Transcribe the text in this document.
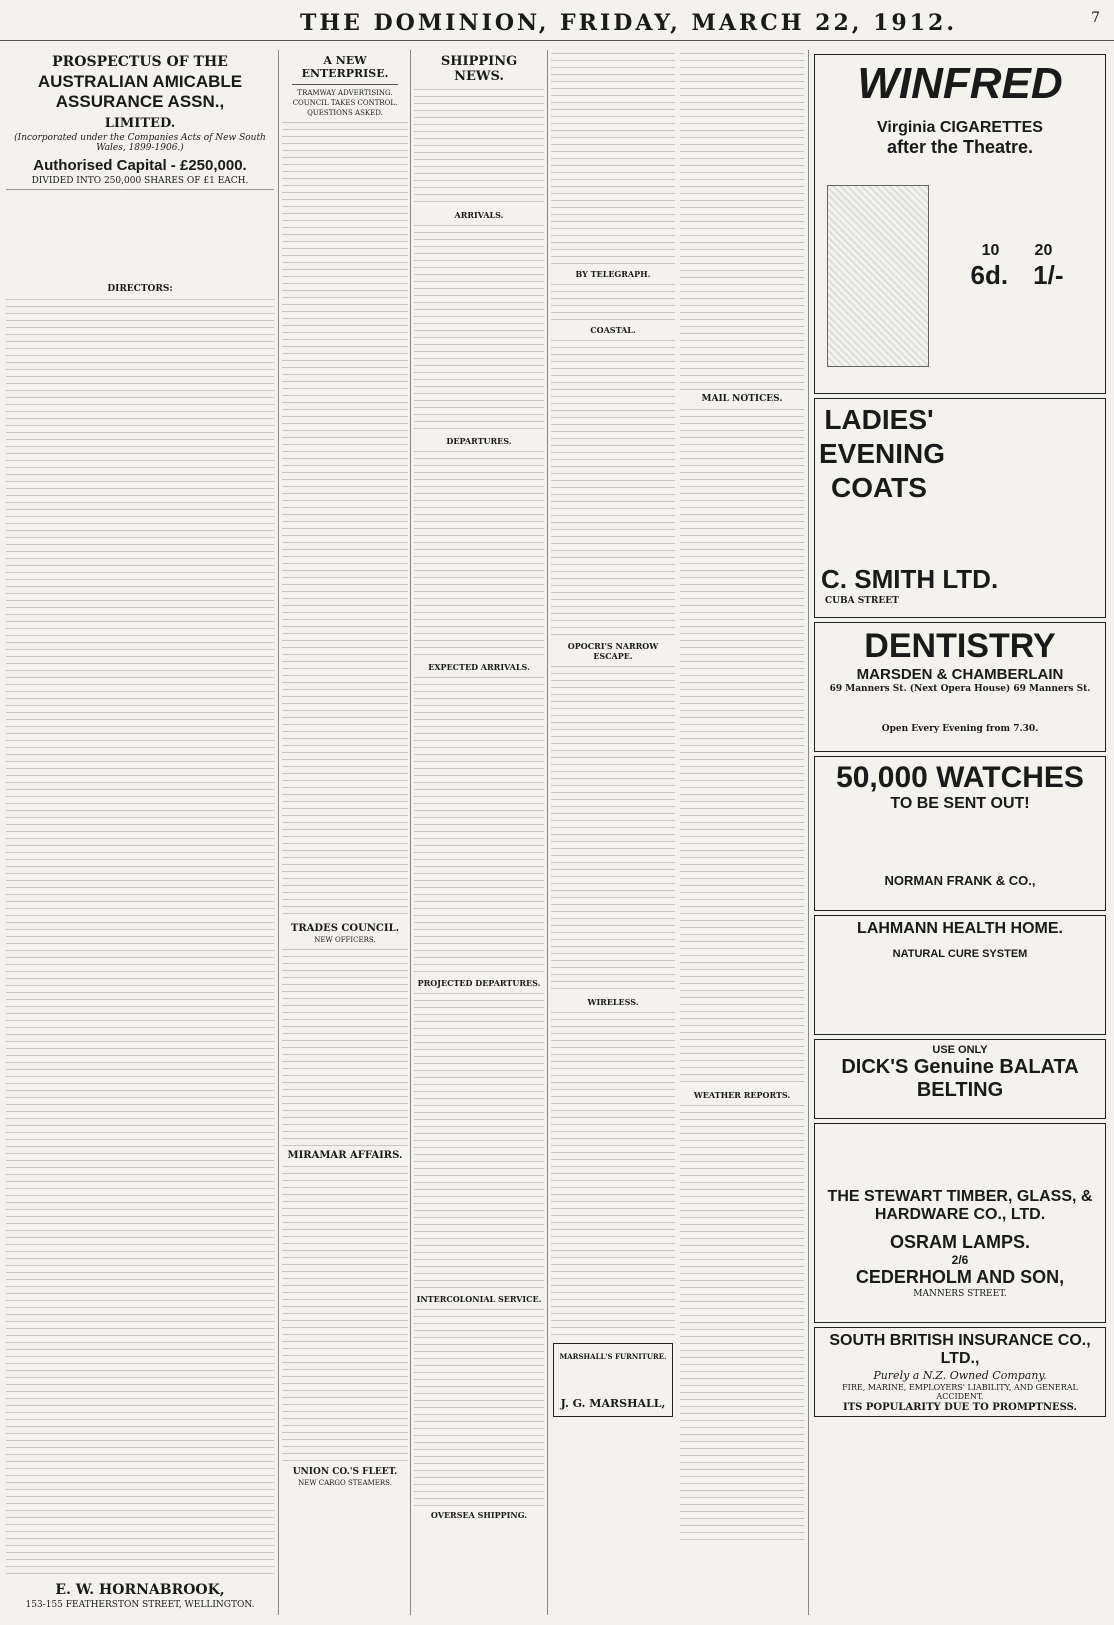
THE DOMINION, FRIDAY, MARCH 22, 1912.	7
PROSPECTUS OF THE
AUSTRALIAN AMICABLE ASSURANCE ASSN.,
LIMITED.
(Incorporated under the Companies Acts of New South Wales, 1899-1906.)
Authorised Capital - £250,000.
DIVIDED INTO 250,000 SHARES OF £1 EACH.
DIRECTORS:
E. W. HORNABROOK,
153-155 FEATHERSTON STREET, WELLINGTON.
A NEW ENTERPRISE.
TRAMWAY ADVERTISING.
COUNCIL TAKES CONTROL.
QUESTIONS ASKED.
TRADES COUNCIL.
NEW OFFICERS.
MIRAMAR AFFAIRS.
UNION CO.'S FLEET.
NEW CARGO STEAMERS.
SHIPPING NEWS.
ARRIVALS.
DEPARTURES.
EXPECTED ARRIVALS.
PROJECTED DEPARTURES.
INTERCOLONIAL SERVICE.
OVERSEA SHIPPING.
BY TELEGRAPH.
COASTAL.
OPOCRI'S NARROW ESCAPE.
WIRELESS.
MARSHALL'S FURNITURE.
J. G. MARSHALL,
MAIL NOTICES.
WEATHER REPORTS.
WINFRED
Virginia CIGARETTES
after the Theatre.
10 20
6d. 1/-
LADIES' EVENING COATS
C. SMITH LTD.
CUBA STREET
DENTISTRY
MARSDEN & CHAMBERLAIN
69 Manners St. (Next Opera House) 69 Manners St.
Open Every Evening from 7.30.
50,000 WATCHES
TO BE SENT OUT!
NORMAN FRANK & CO.,
LAHMANN HEALTH HOME.
NATURAL CURE SYSTEM
USE ONLY
DICK'S Genuine BALATA BELTING
THE STEWART TIMBER, GLASS, & HARDWARE CO., LTD.
OSRAM LAMPS.
2/6
CEDERHOLM AND SON,
MANNERS STREET.
SOUTH BRITISH INSURANCE CO., LTD.,
Purely a N.Z. Owned Company.
FIRE, MARINE, EMPLOYERS' LIABILITY, AND GENERAL ACCIDENT.
ITS POPULARITY DUE TO PROMPTNESS.
